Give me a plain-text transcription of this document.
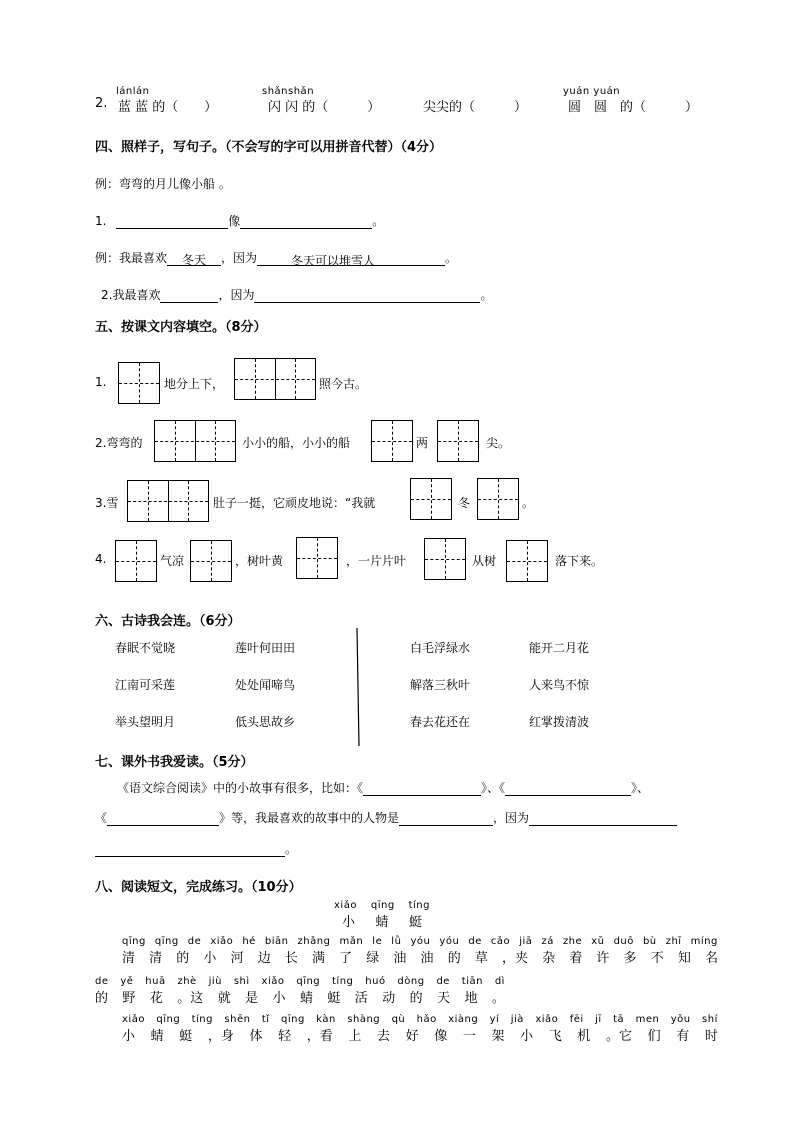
lánlán	shǎnshǎn	yuán yuán
2. 蓝 蓝 的（　　）	闪 闪 的（　　　）	尖尖的（　　　）	圆　圆　的（　　　）
四、照样子，写句子。（不会写的字可以用拼音代替）（4分）
例：弯弯的月儿像小船 。
1.	像	。
例：我最喜欢 冬天 ，因为	冬天可以堆雪人	。
2.我最喜欢	，因为	。
五、按课文内容填空。（8分）
1.	地分上下，	照今古。
2.弯弯的	小小的船，小小的船	两	尖。
3.雪	肚子一挺，它顽皮地说：“我就	冬	。
4.	气凉	，树叶黄	，一片片叶	从树	落下来。
六、古诗我会连。（6分）
春眠不觉晓	莲叶何田田
江南可采莲	处处闻啼鸟
举头望明月	低头思故乡
白毛浮绿水	能开二月花
解落三秋叶	人来鸟不惊
春去花还在	红掌拨清波
七、课外书我爱读。（5分）
《语文综合阅读》中的小故事有很多，比如：《	》、《	》、
《	》等，我最喜欢的故事中的人物是	，因为
。
八、阅读短文，完成练习。（10分）
xiǎo qīng tíng
小 蜻 蜓
qīng qīng de xiǎo hé biān zhǎng mǎn le lǜ yóu yóu de cǎo jiā zá zhe xǔ duō bù zhī míng
清 清 的 小 河 边 长 满 了 绿 油 油 的 草 ，夹 杂 着 许 多 不 知 名
de yě huā zhè jiù shì xiǎo qīng tíng huó dòng de tiān dì
的 野 花 。这 就 是 小 蜻 蜓 活 动 的 天 地 。
xiǎo qīng tíng shēn tǐ qīng kàn shàng qù hǎo xiàng yí jià xiǎo fēi jī tā men yǒu shí
小 蜻 蜓 ，身 体 轻 ，看 上 去 好 像 一 架 小 飞 机 。它 们 有 时
